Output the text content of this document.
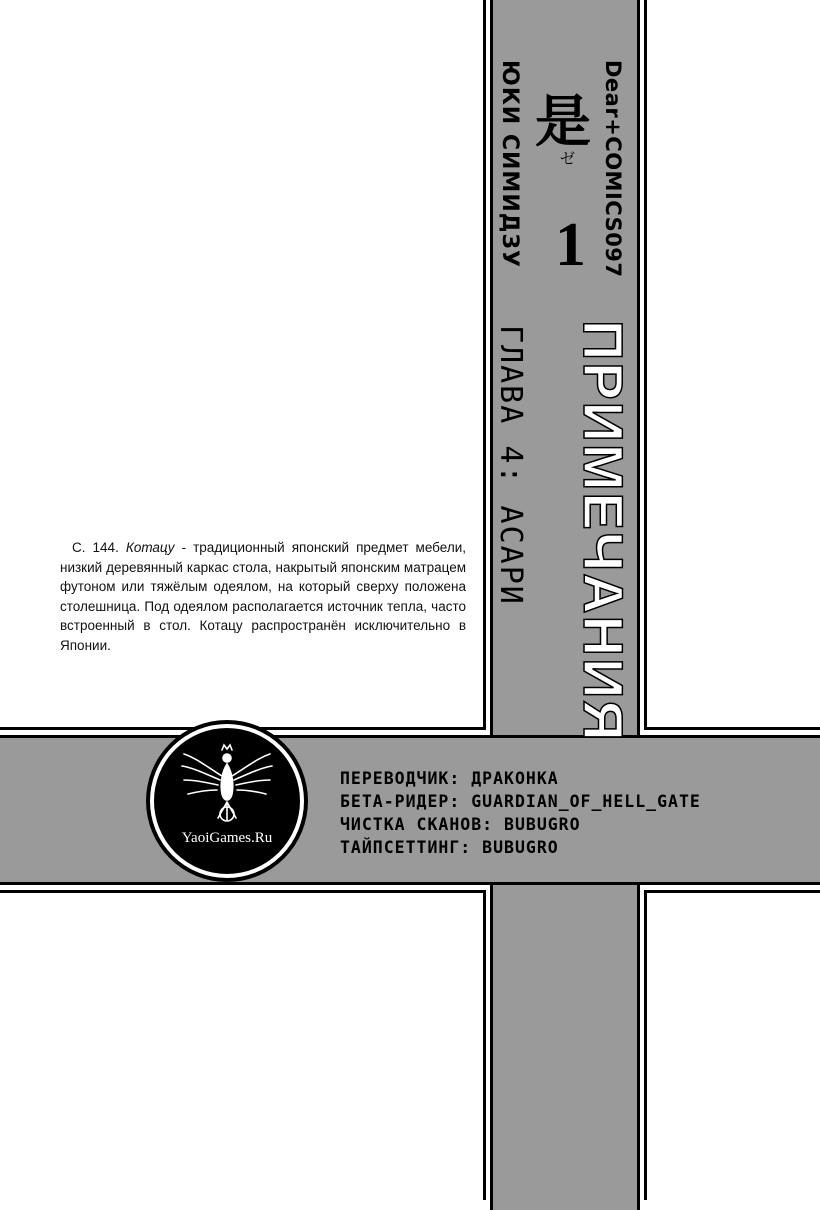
Dear+COMICS097
ЮКИ СИМИДЗУ 是
ゼ
1
ГЛАВА 4: АСАРИ ПРИМЕЧАНИЯ
С. 144. Котацу - традиционный японский предмет мебели, низкий деревянный каркас стола, накрытый японским матрацем футоном или тяжёлым одеялом, на который сверху положена столешница. Под одеялом располагается источник тепла, часто встроенный в стол. Котацу распространён исключительно в Японии.
YaoiGames.Ru
ПЕРЕВОДЧИК: ДРАКОНКА
БЕТА-РИДЕР: GUARDIAN_OF_HELL_GATE
ЧИСТКА СКАНОВ: BUBUGRO
ТАЙПСЕТТИНГ: BUBUGRO
